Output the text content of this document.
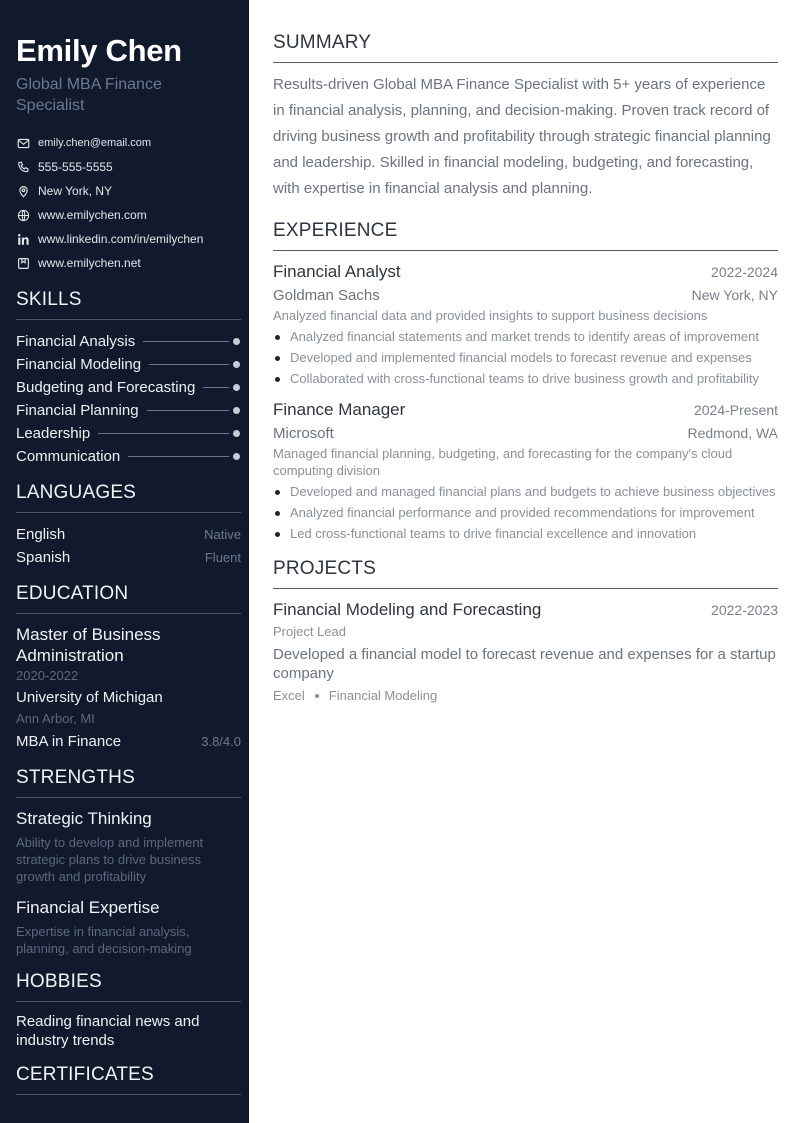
Emily Chen
Global MBA Finance Specialist
emily.chen@email.com
555-555-5555
New York, NY
www.emilychen.com
www.linkedin.com/in/emilychen
www.emilychen.net
SKILLS
Financial Analysis
Financial Modeling
Budgeting and Forecasting
Financial Planning
Leadership
Communication
LANGUAGES
English	Native
Spanish	Fluent
EDUCATION
Master of Business Administration
2020-2022
University of Michigan
Ann Arbor, MI
MBA in Finance	3.8/4.0
STRENGTHS
Strategic Thinking
Ability to develop and implement strategic plans to drive business growth and profitability
Financial Expertise
Expertise in financial analysis, planning, and decision-making
HOBBIES
Reading financial news and industry trends
CERTIFICATES
SUMMARY
Results-driven Global MBA Finance Specialist with 5+ years of experience in financial analysis, planning, and decision-making. Proven track record of driving business growth and profitability through strategic financial planning and leadership. Skilled in financial modeling, budgeting, and forecasting, with expertise in financial analysis and planning.
EXPERIENCE
Financial Analyst	2022-2024
Goldman Sachs	New York, NY
Analyzed financial data and provided insights to support business decisions
Analyzed financial statements and market trends to identify areas of improvement
Developed and implemented financial models to forecast revenue and expenses
Collaborated with cross-functional teams to drive business growth and profitability
Finance Manager	2024-Present
Microsoft	Redmond, WA
Managed financial planning, budgeting, and forecasting for the company's cloud computing division
Developed and managed financial plans and budgets to achieve business objectives
Analyzed financial performance and provided recommendations for improvement
Led cross-functional teams to drive financial excellence and innovation
PROJECTS
Financial Modeling and Forecasting	2022-2023
Project Lead
Developed a financial model to forecast revenue and expenses for a startup company
Excel Financial Modeling
